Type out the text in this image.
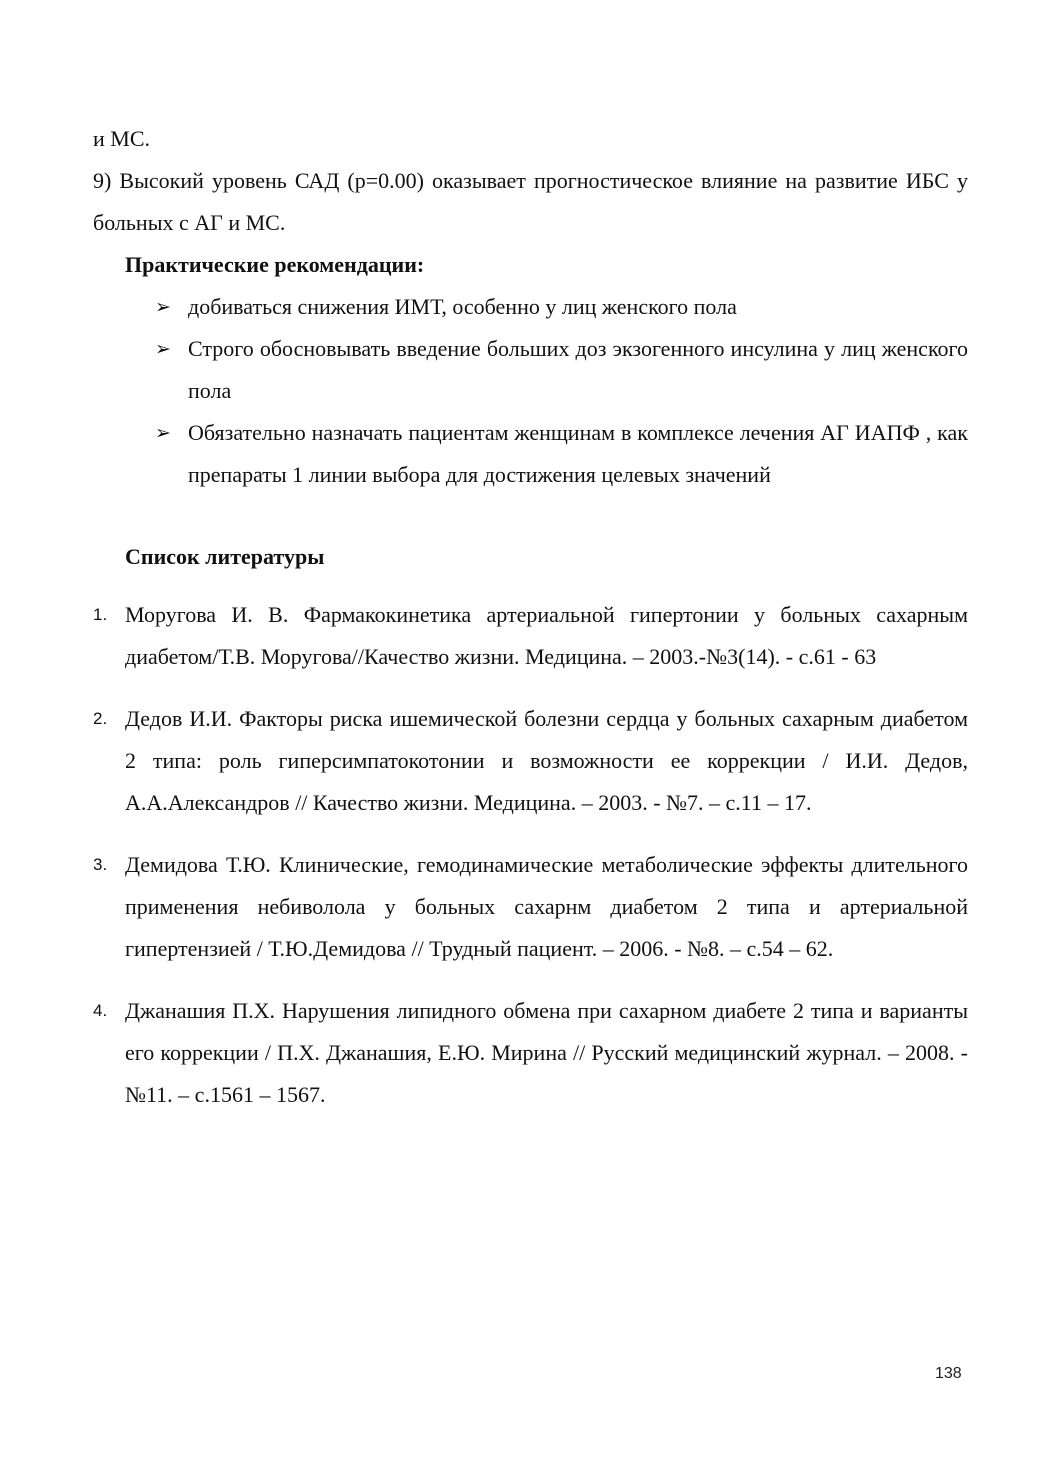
и МС.

9) Высокий уровень САД (р=0.00) оказывает прогностическое влияние на развитие ИБС у больных с АГ и МС.

Практические рекомендации:
➢ добиваться снижения ИМТ, особенно у лиц женского пола
➢ Строго обосновывать введение больших доз экзогенного инсулина у лиц женского пола
➢ Обязательно назначать пациентам женщинам в комплексе лечения АГ ИАПФ , как препараты 1 линии выбора для достижения целевых значений
Список литературы
1. Моругова И. В. Фармакокинетика артериальной гипертонии у больных сахарным диабетом/Т.В. Моругова//Качество жизни. Медицина. – 2003.-№3(14). - с.61 - 63
2. Дедов И.И. Факторы риска ишемической болезни сердца у больных сахарным диабетом 2 типа: роль гиперсимпатокотонии и возможности ее коррекции / И.И. Дедов, А.А.Александров // Качество жизни. Медицина. – 2003. - №7. – с.11 – 17.
3. Демидова Т.Ю. Клинические, гемодинамические метаболические эффекты длительного применения небиволола у больных сахарнм диабетом 2 типа и артериальной гипертензией / Т.Ю.Демидова // Трудный пациент. – 2006. - №8. – с.54 – 62.
4. Джанашия П.Х. Нарушения липидного обмена при сахарном диабете 2 типа и варианты его коррекции / П.Х. Джанашия, Е.Ю. Мирина // Русский медицинский журнал. – 2008. - №11. – с.1561 – 1567.
138
